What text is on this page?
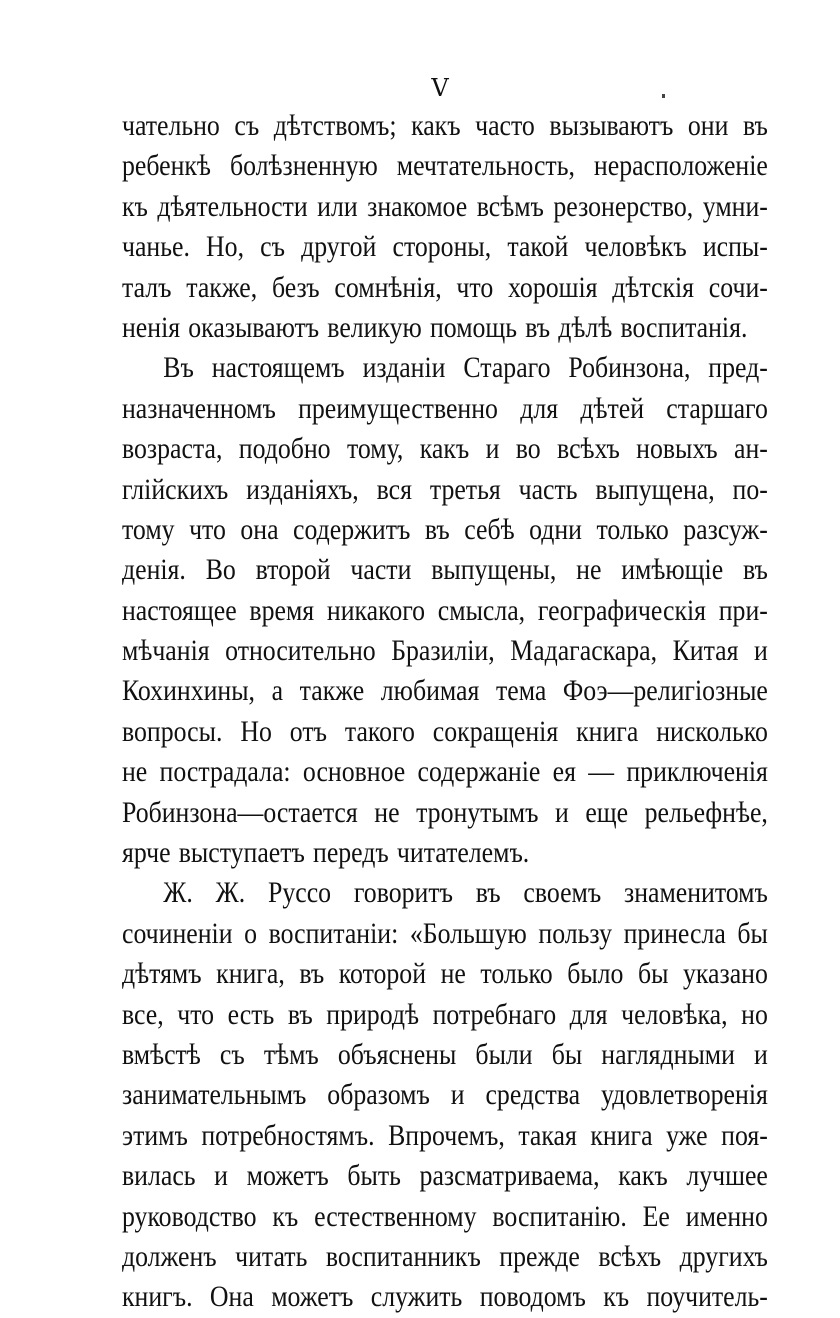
V
чательно съ дѣтствомъ; какъ часто вызываютъ они въ
ребенкѣ болѣзненную мечтательность, нерасположеніе
къ дѣятельности или знакомое всѣмъ резонерство, умни-
чанье. Но, съ другой стороны, такой человѣкъ испы-
талъ также, безъ сомнѣнія, что хорошія дѣтскія сочи-
ненія оказываютъ великую помощь въ дѣлѣ воспитанія.
Въ настоящемъ изданіи Стараго Робинзона, пред-
назначенномъ преимущественно для дѣтей старшаго
возраста, подобно тому, какъ и во всѣхъ новыхъ ан-
глійскихъ изданіяхъ, вся третья часть выпущена, по-
тому что она содержитъ въ себѣ одни только разсуж-
денія. Во второй части выпущены, не имѣющіе въ
настоящее время никакого смысла, географическія при-
мѣчанія относительно Бразиліи, Мадагаскара, Китая и
Кохинхины, а также любимая тема Фоэ—религіозные
вопросы. Но отъ такого сокращенія книга нисколько
не пострадала: основное содержаніе ея — приключенія
Робинзона—остается не тронутымъ и еще рельефнѣе,
ярче выступаетъ передъ читателемъ.
Ж. Ж. Руссо говоритъ въ своемъ знаменитомъ
сочиненіи о воспитаніи: «Большую пользу принесла бы
дѣтямъ книга, въ которой не только было бы указано
все, что есть въ природѣ потребнаго для человѣка, но
вмѣстѣ съ тѣмъ объяснены были бы наглядными и
занимательнымъ образомъ и средства удовлетворенія
этимъ потребностямъ. Впрочемъ, такая книга уже поя-
вилась и можетъ быть разсматриваема, какъ лучшее
руководство къ естественному воспитанію. Ее именно
долженъ читать воспитанникъ прежде всѣхъ другихъ
книгъ. Она можетъ служить поводомъ къ поучитель-
